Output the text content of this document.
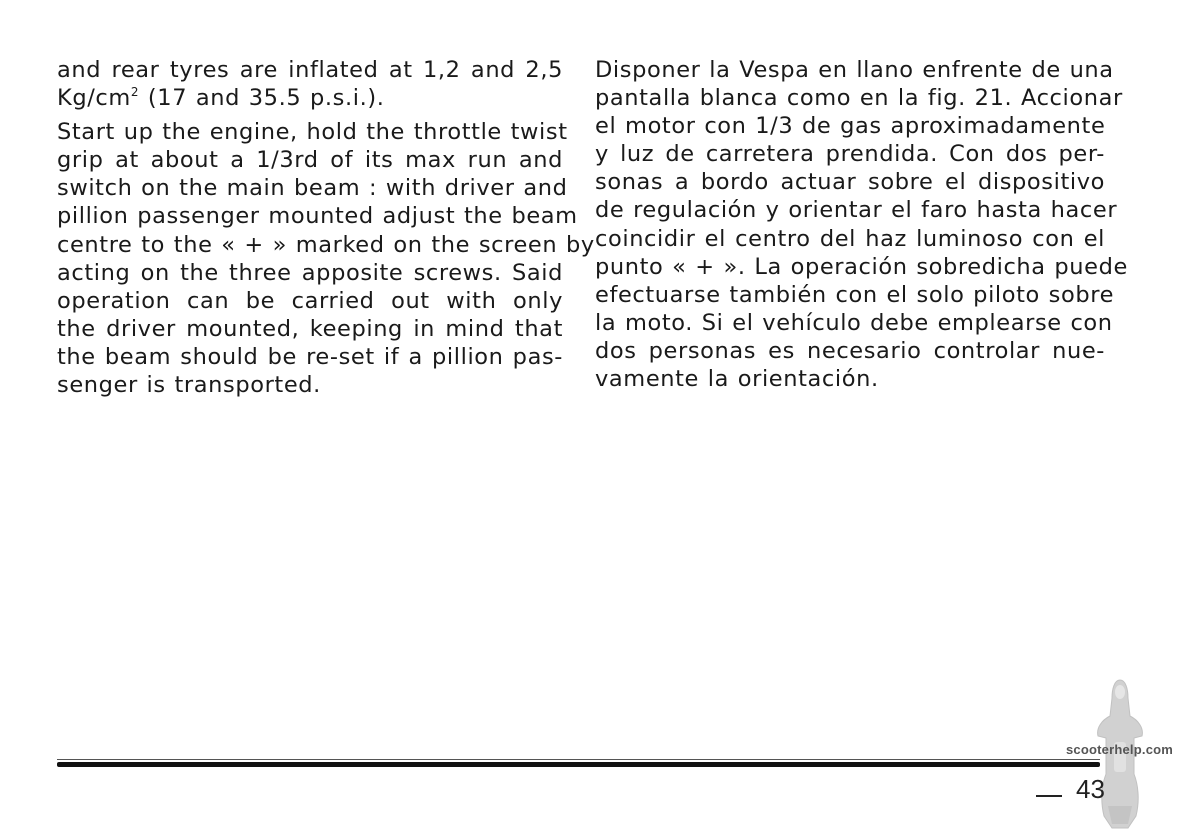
and rear tyres are inflated at 1,2 and 2,5
$Kg/cm^2$ (17 and 35.5 p.s.i.).
Start up the engine, hold the throttle twist
grip at about a 1/3rd of its max run and
switch on the main beam : with driver and
pillion passenger mounted adjust the beam
centre to the « + » marked on the screen by
acting on the three apposite screws. Said
operation can be carried out with only
the driver mounted, keeping in mind that
the beam should be re-set if a pillion pas-
senger is transported.
Disponer la Vespa en llano enfrente de una
pantalla blanca como en la fig. 21. Accionar
el motor con 1/3 de gas aproximadamente
y luz de carretera prendida. Con dos per-
sonas a bordo actuar sobre el dispositivo
de regulación y orientar el faro hasta hacer
coincidir el centro del haz luminoso con el
punto « + ». La operación sobredicha puede
efectuarse también con el solo piloto sobre
la moto. Si el vehículo debe emplearse con
dos personas es necesario controlar nue-
vamente la orientación.
scooterhelp.com
43
